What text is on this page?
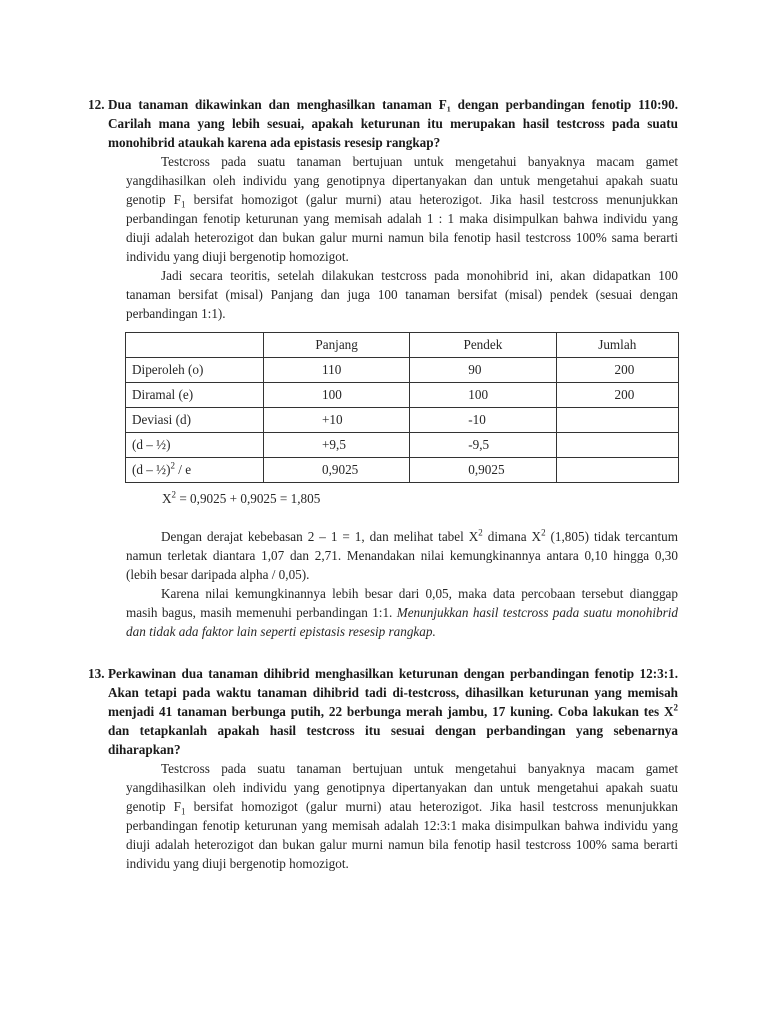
12. Dua tanaman dikawinkan dan menghasilkan tanaman F₁ dengan perbandingan fenotip 110:90. Carilah mana yang lebih sesuai, apakah keturunan itu merupakan hasil testcross pada suatu monohibrid ataukah karena ada epistasis resesip rangkap?
Testcross pada suatu tanaman bertujuan untuk mengetahui banyaknya macam gamet yangdihasilkan oleh individu yang genotipnya dipertanyakan dan untuk mengetahui apakah suatu genotip $F_1$ bersifat homozigot (galur murni) atau heterozigot. Jika hasil testcross menunjukkan perbandingan fenotip keturunan yang memisah adalah 1 : 1 maka disimpulkan bahwa individu yang diuji adalah heterozigot dan bukan galur murni namun bila fenotip hasil testcross 100% sama berarti individu yang diuji bergenotip homozigot.
Jadi secara teoritis, setelah dilakukan testcross pada monohibrid ini, akan didapatkan 100 tanaman bersifat (misal) Panjang dan juga 100 tanaman bersifat (misal) pendek (sesuai dengan perbandingan 1:1).
	Panjang	Pendek	Jumlah
Diperoleh (o)	110	90	200
Diramal (e)	100	100	200
Deviasi (d)	+10	-10	
(d – ½)	+9,5	-9,5	
(d – ½)$^2$ / e	0,9025	0,9025	
$X^2 = 0,9025 + 0,9025 = 1,805$
Dengan derajat kebebasan 2 – 1 = 1, dan melihat tabel $X^2$ dimana $X^2$ (1,805) tidak tercantum namun terletak diantara 1,07 dan 2,71. Menandakan nilai kemungkinannya antara 0,10 hingga 0,30 (lebih besar daripada alpha / 0,05).
Karena nilai kemungkinannya lebih besar dari 0,05, maka data percobaan tersebut dianggap masih bagus, masih memenuhi perbandingan 1:1. Menunjukkan hasil testcross pada suatu monohibrid dan tidak ada faktor lain seperti epistasis resesip rangkap.
13. Perkawinan dua tanaman dihibrid menghasilkan keturunan dengan perbandingan fenotip 12:3:1. Akan tetapi pada waktu tanaman dihibrid tadi di-testcross, dihasilkan keturunan yang memisah menjadi 41 tanaman berbunga putih, 22 berbunga merah jambu, 17 kuning. Coba lakukan tes $X^2$ dan tetapkanlah apakah hasil testcross itu sesuai dengan perbandingan yang sebenarnya diharapkan?
Testcross pada suatu tanaman bertujuan untuk mengetahui banyaknya macam gamet yangdihasilkan oleh individu yang genotipnya dipertanyakan dan untuk mengetahui apakah suatu genotip $F_1$ bersifat homozigot (galur murni) atau heterozigot. Jika hasil testcross menunjukkan perbandingan fenotip keturunan yang memisah adalah 12:3:1 maka disimpulkan bahwa individu yang diuji adalah heterozigot dan bukan galur murni namun bila fenotip hasil testcross 100% sama berarti individu yang diuji bergenotip homozigot.
